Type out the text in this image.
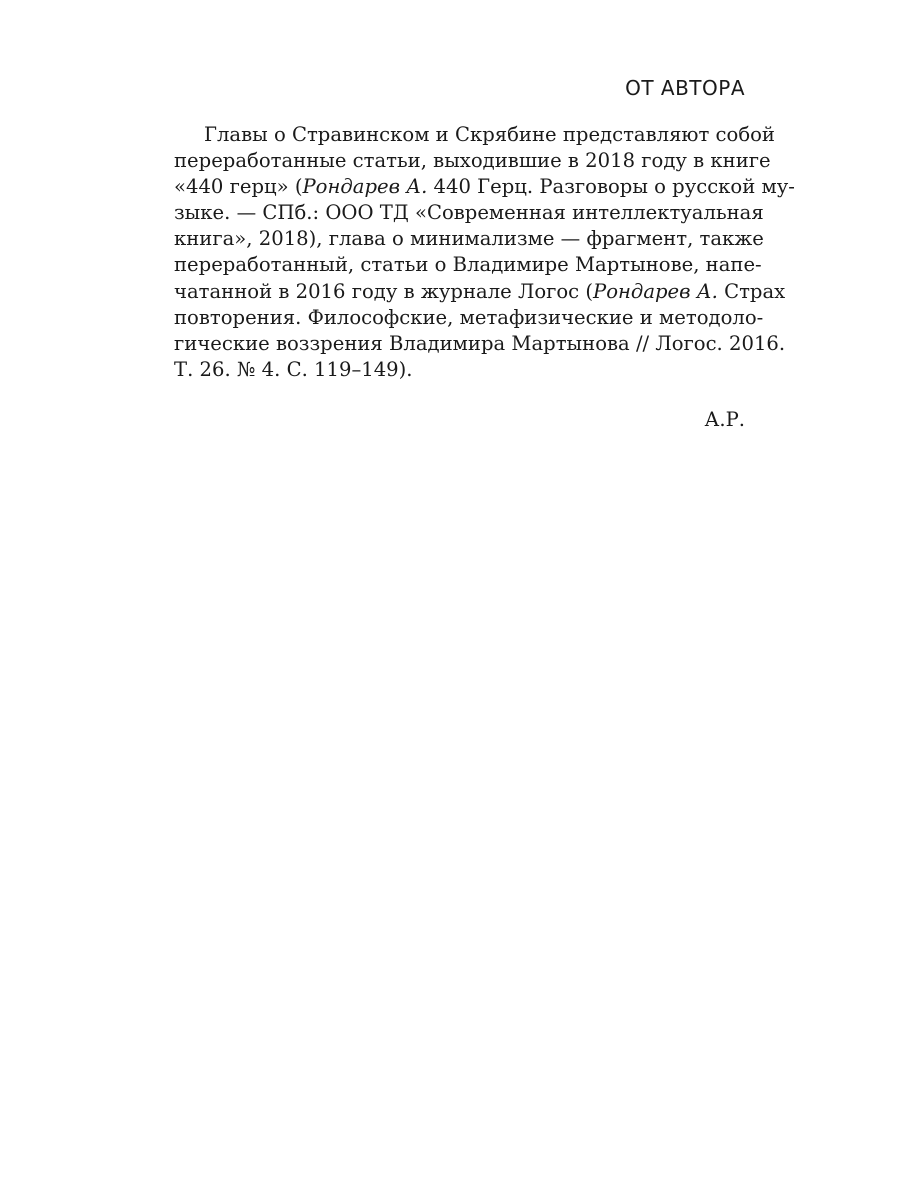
ОТ АВТОРА
Главы о Стравинском и Скрябине представляют собой
переработанные статьи, выходившие в 2018 году в книге
«440 герц» (Рондарев А. 440 Герц. Разговоры о русской му-
зыке. — СПб.: ООО ТД «Современная интеллектуальная
книга», 2018), глава о минимализме — фрагмент, также
переработанный, статьи о Владимире Мартынове, напе-
чатанной в 2016 году в журнале Логос (Рондарев А. Страх
повторения. Философские, метафизические и методоло-
гические воззрения Владимира Мартынова // Логос. 2016.
Т. 26. № 4. С. 119–149).
А.Р.
